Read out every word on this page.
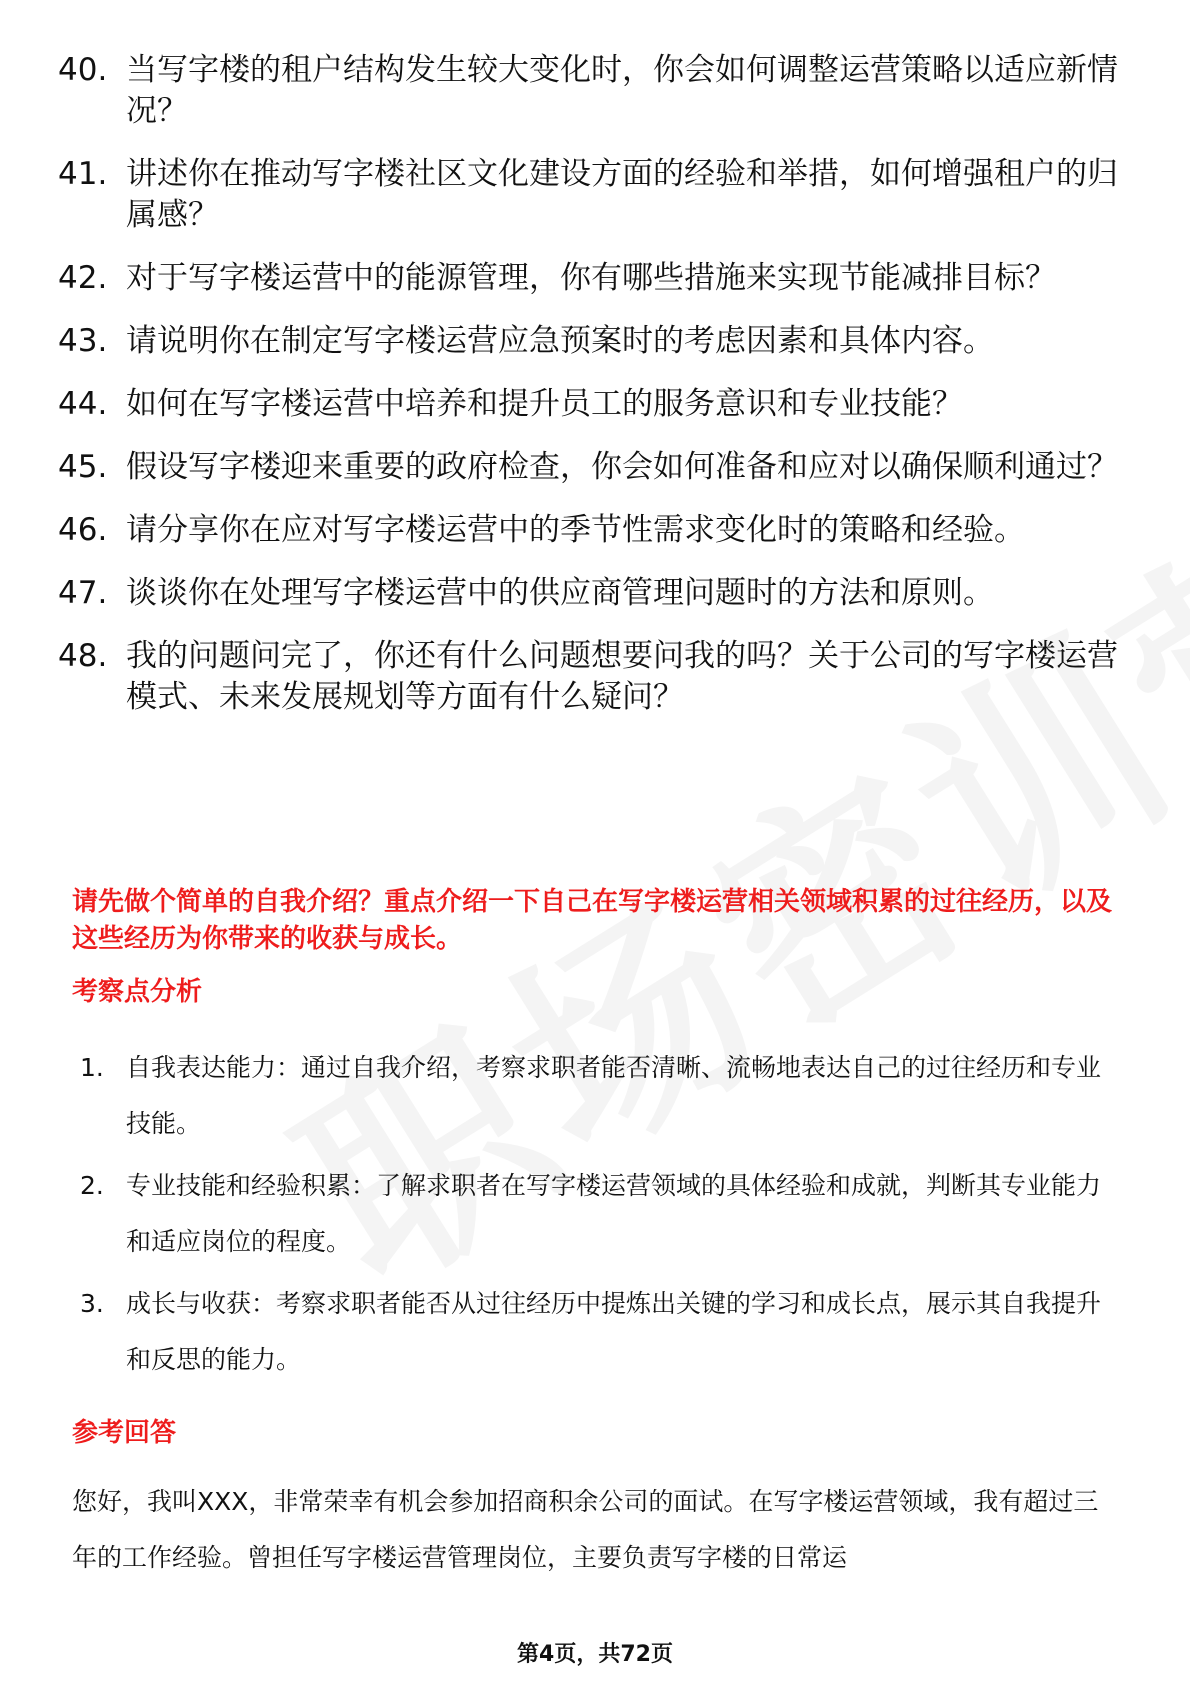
40. 当写字楼的租户结构发生较大变化时，你会如何调整运营策略以适应新情况？
41. 讲述你在推动写字楼社区文化建设方面的经验和举措，如何增强租户的归属感？
42. 对于写字楼运营中的能源管理，你有哪些措施来实现节能减排目标？
43. 请说明你在制定写字楼运营应急预案时的考虑因素和具体内容。
44. 如何在写字楼运营中培养和提升员工的服务意识和专业技能？
45. 假设写字楼迎来重要的政府检查，你会如何准备和应对以确保顺利通过？
46. 请分享你在应对写字楼运营中的季节性需求变化时的策略和经验。
47. 谈谈你在处理写字楼运营中的供应商管理问题时的方法和原则。
48. 我的问题问完了，你还有什么问题想要问我的吗？关于公司的写字楼运营模式、未来发展规划等方面有什么疑问？
请先做个简单的自我介绍？重点介绍一下自己在写字楼运营相关领域积累的过往经历，以及这些经历为你带来的收获与成长。
考察点分析
1. 自我表达能力：通过自我介绍，考察求职者能否清晰、流畅地表达自己的过往经历和专业技能。
2. 专业技能和经验积累：了解求职者在写字楼运营领域的具体经验和成就，判断其专业能力和适应岗位的程度。
3. 成长与收获：考察求职者能否从过往经历中提炼出关键的学习和成长点，展示其自我提升和反思的能力。
参考回答
您好，我叫XXX，非常荣幸有机会参加招商积余公司的面试。在写字楼运营领域，我有超过三年的工作经验。曾担任写字楼运营管理岗位，主要负责写字楼的日常运
第4页，共72页
